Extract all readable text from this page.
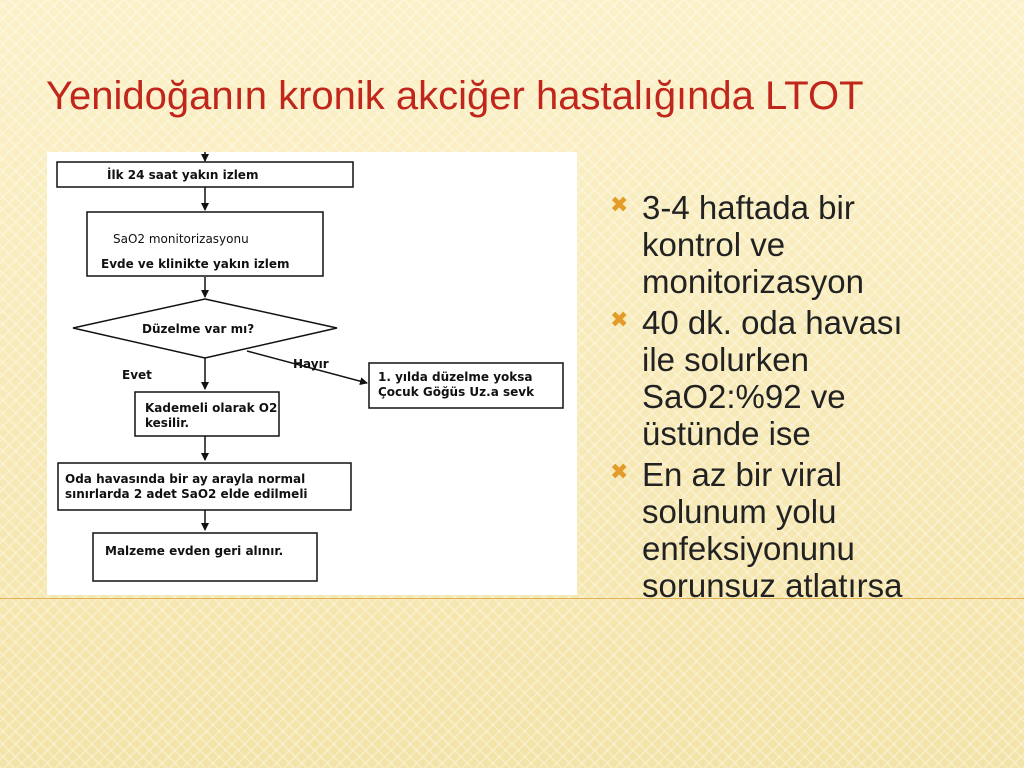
Yenidoğanın kronik akciğer hastalığında LTOT
İlk 24 saat yakın izlem
SaO2 monitorizasyonu
Evde ve klinikte yakın izlem
Düzelme var mı?
Evet
Hayır
1. yılda düzelme yoksa
Çocuk Göğüs Uz.a sevk
Kademeli olarak O2
kesilir.
Oda havasında bir ay arayla normal
sınırlarda 2 adet SaO2 elde edilmeli
Malzeme evden geri alınır.
✖ 3-4 haftada bir
kontrol ve
monitorizasyon
✖ 40 dk. oda havası
ile solurken
SaO2:%92 ve
üstünde ise
✖ En az bir viral
solunum yolu
enfeksiyonunu
sorunsuz atlatırsa
